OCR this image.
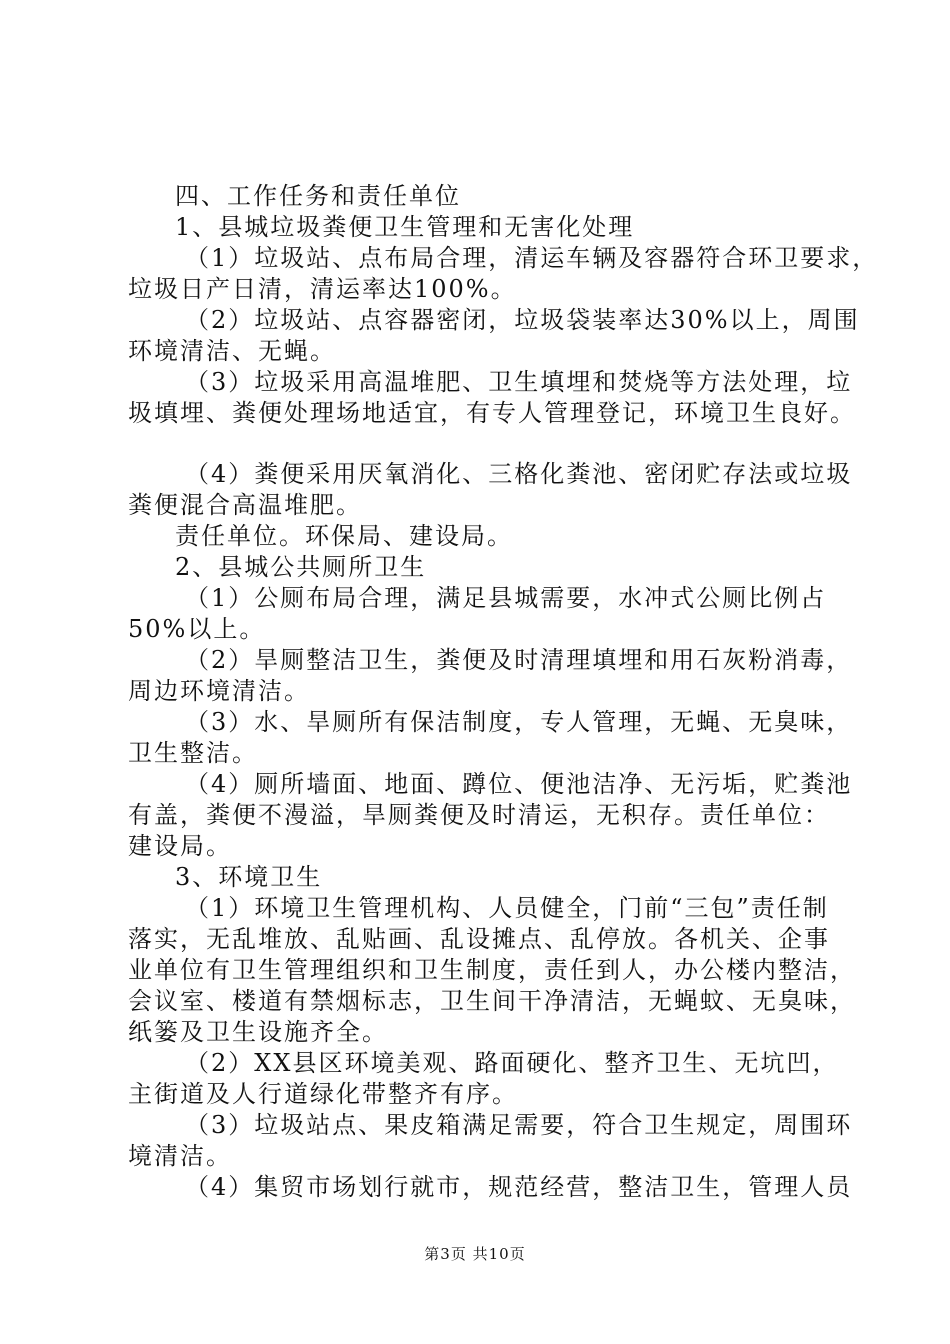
四、工作任务和责任单位
1、县城垃圾粪便卫生管理和无害化处理
（1）垃圾站、点布局合理，清运车辆及容器符合环卫要求，
垃圾日产日清，清运率达100%。
（2）垃圾站、点容器密闭，垃圾袋装率达30%以上，周围
环境清洁、无蝇。
（3）垃圾采用高温堆肥、卫生填埋和焚烧等方法处理，垃
圾填埋、粪便处理场地适宜，有专人管理登记，环境卫生良好。
（4）粪便采用厌氧消化、三格化粪池、密闭贮存法或垃圾
粪便混合高温堆肥。
责任单位。环保局、建设局。
2、县城公共厕所卫生
（1）公厕布局合理，满足县城需要，水冲式公厕比例占
50%以上。
（2）旱厕整洁卫生，粪便及时清理填埋和用石灰粉消毒，
周边环境清洁。
（3）水、旱厕所有保洁制度，专人管理，无蝇、无臭味，
卫生整洁。
（4）厕所墙面、地面、蹲位、便池洁净、无污垢，贮粪池
有盖，粪便不漫溢，旱厕粪便及时清运，无积存。责任单位：
建设局。
3、环境卫生
（1）环境卫生管理机构、人员健全，门前“三包”责任制
落实，无乱堆放、乱贴画、乱设摊点、乱停放。各机关、企事
业单位有卫生管理组织和卫生制度，责任到人，办公楼内整洁，
会议室、楼道有禁烟标志，卫生间干净清洁，无蝇蚊、无臭味，
纸篓及卫生设施齐全。
（2）XX县区环境美观、路面硬化、整齐卫生、无坑凹，
主街道及人行道绿化带整齐有序。
（3）垃圾站点、果皮箱满足需要，符合卫生规定，周围环
境清洁。
（4）集贸市场划行就市，规范经营，整洁卫生，管理人员
第3页 共10页
